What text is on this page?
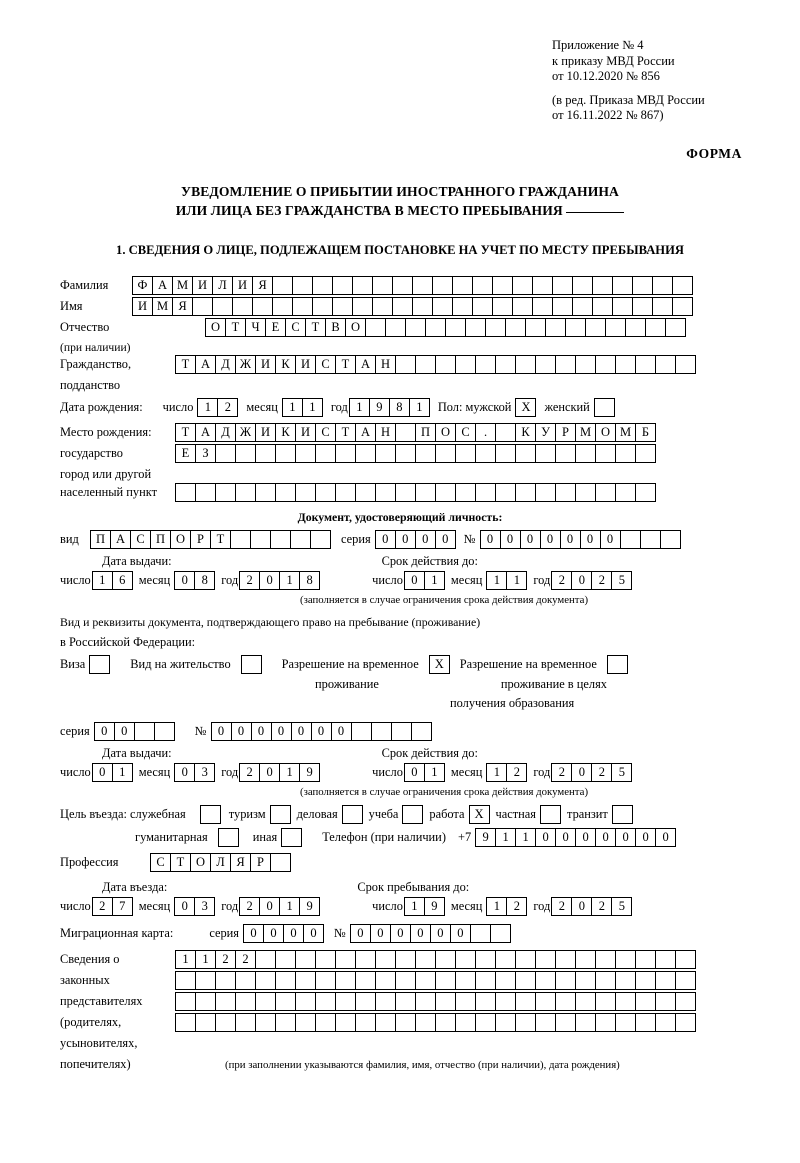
Приложение № 4
к приказу МВД России
от 10.12.2020 № 856
(в ред. Приказа МВД России
от 16.11.2022 № 867)
ФОРМА
УВЕДОМЛЕНИЕ О ПРИБЫТИИ ИНОСТРАННОГО ГРАЖДАНИНА
ИЛИ ЛИЦА БЕЗ ГРАЖДАНСТВА В МЕСТО ПРЕБЫВАНИЯ
1. СВЕДЕНИЯ О ЛИЦЕ, ПОДЛЕЖАЩЕМ ПОСТАНОВКЕ НА УЧЕТ ПО МЕСТУ ПРЕБЫВАНИЯ
Фамилия	Ф А М И Л И Я
Имя	И М Я
Отчество	О Т Ч Е С Т В О
(при наличии)
Гражданство,	Т А Д Ж И К И С Т А Н
подданство
Дата рождения: число 1	2	месяц 1	1	год 1	9	8	1	Пол: мужской Х	женский
Место рождения:	Т А Д Ж И К И С Т А Н	П О С	.	К У Р М О М Б
государство	Е	З
город или другой
населенный пункт
Документ, удостоверяющий личность:
вид	П А С П О Р	Т	серия 0	0	0	0	№ 0	0	0	0	0	0	0
Дата выдачи:	Срок действия до:
число 1	6	месяц 0	8	год 2	0	1	8	число 0	1	месяц 1	1	год 2	0	2	5
(заполняется в случае ограничения срока действия документа)
Вид и реквизиты документа, подтверждающего право на пребывание (проживание)
в Российской Федерации:
Виза	Вид на жительство	Разрешение на временное	Х	Разрешение на временное
проживание	проживание в целях
получения образования
серия 0	0	№ 0	0	0	0	0	0	0
Дата выдачи:	Срок действия до:
число 0	1	месяц 0	3	год 2	0	1	9	число 0	1	месяц 1	2	год 2	0	2	5
(заполняется в случае ограничения срока действия документа)
Цель въезда: служебная	туризм	деловая	учеба	работа Х частная	транзит
гуманитарная	иная	Телефон (при наличии) +7 9	1	1	0	0	0	0	0	0	0
Профессия	С Т О Л Я Р
Дата въезда:	Срок пребывания до:
число 2	7	месяц 0	3	год 2	0	1	9	число 1	9	месяц 1	2	год 2	0	2	5
Миграционная карта:	серия 0	0	0	0	№ 0	0	0	0	0	0
Сведения о	1	1	2	2
законных
представителях
(родителях,
усыновителях,
попечителях)	(при заполнении указываются фамилия, имя, отчество (при наличии), дата рождения)
